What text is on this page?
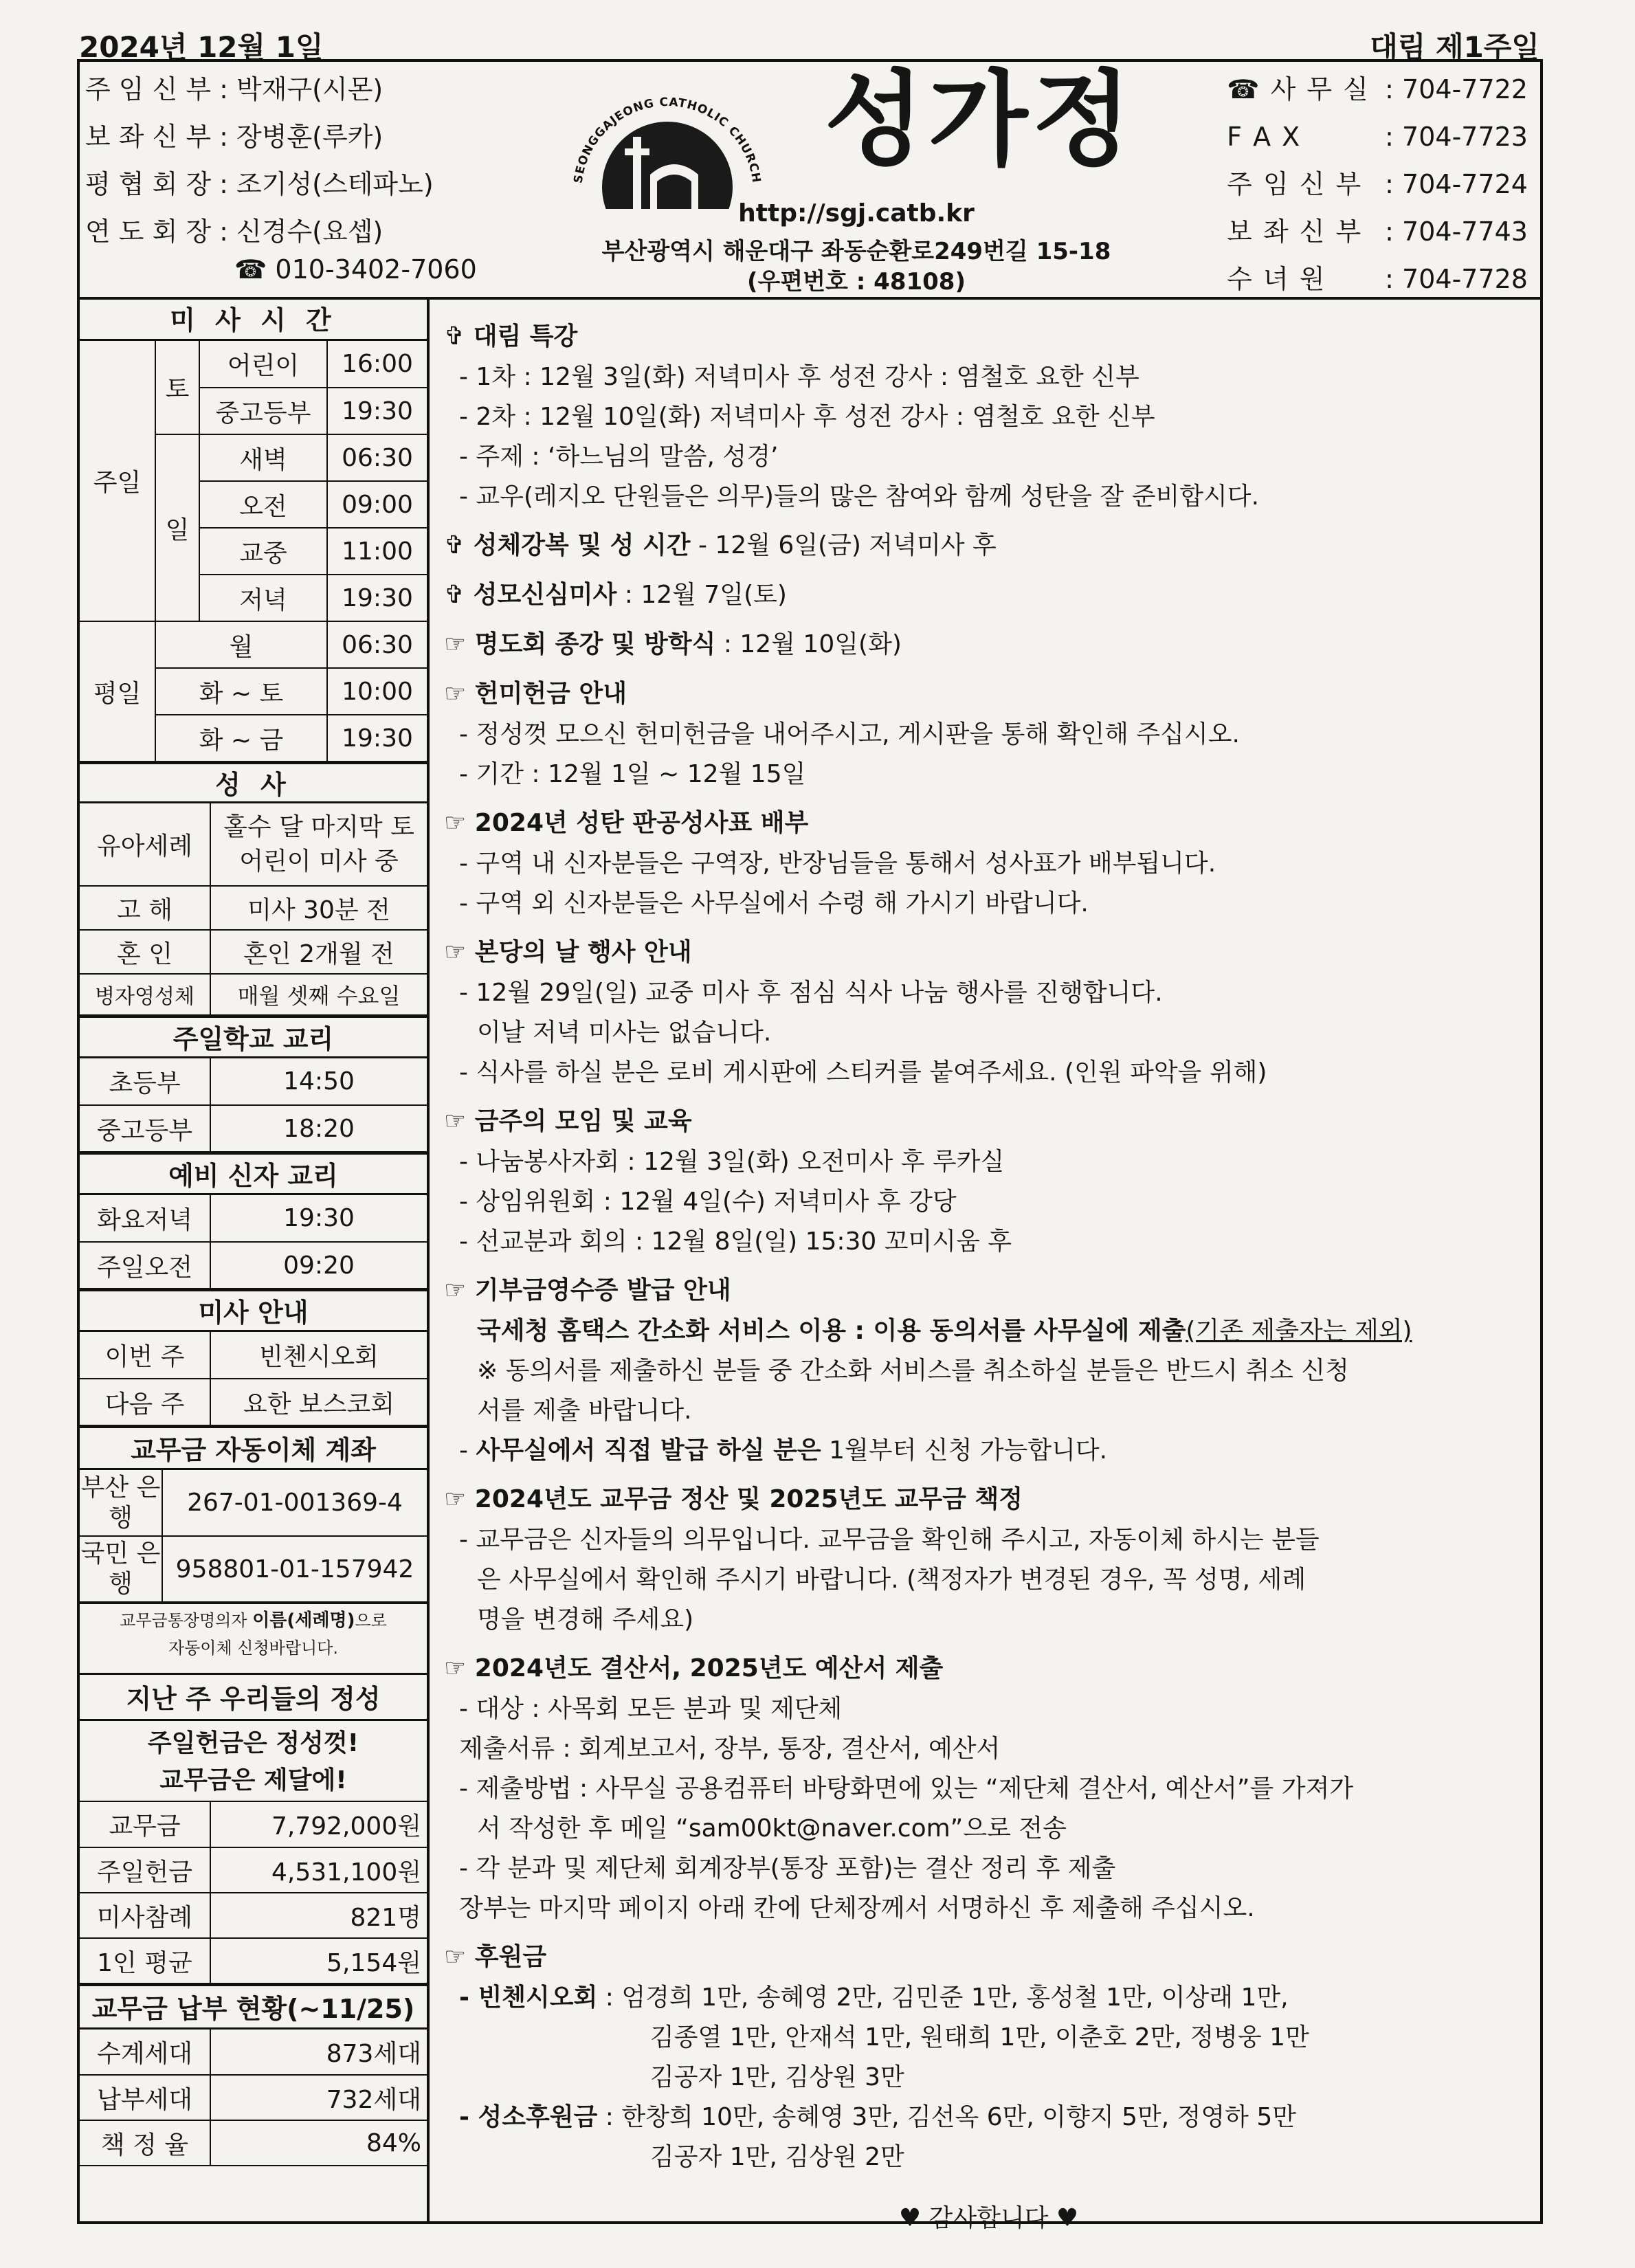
2024년 12월 1일	대림 제1주일
주 임 신 부 : 박재구(시몬)
보 좌 신 부 : 장병훈(루카)
평 협 회 장 : 조기성(스테파노)
연 도 회 장 : 신경수(요셉)
☎ 010-3402-7060
SEONGGAJEONG CATHOLIC CHURCH 성가정
http://sgj.catb.kr
부산광역시 해운대구 좌동순환로249번길 15-18
(우편번호 : 48108)
☎ 사 무 실 : 704-7722
F A X	: 704-7723
주 임 신 부 : 704-7724
보 좌 신 부 : 704-7743
수 녀 원	: 704-7728
미 사 시 간
주일	토	어린이	16:00
		중고등부	19:30
	일	새벽	06:30
		오전	09:00
		교중	11:00
		저녁	19:30
평일	월		06:30
	화 ~ 토		10:00
	화 ~ 금		19:30
성 사
유아세례	홀수 달 마지막 토 어린이 미사 중
고 해	미사 30분 전
혼 인	혼인 2개월 전
병자영성체	매월 셋째 수요일
주일학교 교리
초등부	14:50
중고등부	18:20
예비 신자 교리
화요저녁	19:30
주일오전	09:20
미사 안내
이번 주	빈첸시오회
다음 주	요한 보스코회
교무금 자동이체 계좌
부산 은행	267-01-001369-4
국민 은행	958801-01-157942
교무금통장명의자 이름(세례명)으로
자동이체 신청바랍니다.
지난 주 우리들의 정성
주일헌금은 정성껏!
교무금은 제달에!
교무금	7,792,000원
주일헌금	4,531,100원
미사참례	821명
1인 평균	5,154원
교무금 납부 현황(~11/25)
수계세대	873세대
납부세대	732세대
책 정 율	84%
✞ 대림 특강
- 1차 : 12월 3일(화) 저녁미사 후 성전 강사 : 염철호 요한 신부
- 2차 : 12월 10일(화) 저녁미사 후 성전 강사 : 염철호 요한 신부
- 주제 : ‘하느님의 말씀, 성경’
- 교우(레지오 단원들은 의무)들의 많은 참여와 함께 성탄을 잘 준비합시다.
✞ 성체강복 및 성 시간 - 12월 6일(금) 저녁미사 후
✞ 성모신심미사 : 12월 7일(토)
☞ 명도회 종강 및 방학식 : 12월 10일(화)
☞ 헌미헌금 안내
- 정성껏 모으신 헌미헌금을 내어주시고, 게시판을 통해 확인해 주십시오.
- 기간 : 12월 1일 ~ 12월 15일
☞ 2024년 성탄 판공성사표 배부
- 구역 내 신자분들은 구역장, 반장님들을 통해서 성사표가 배부됩니다.
- 구역 외 신자분들은 사무실에서 수령 해 가시기 바랍니다.
☞ 본당의 날 행사 안내
- 12월 29일(일) 교중 미사 후 점심 식사 나눔 행사를 진행합니다.
이날 저녁 미사는 없습니다.
- 식사를 하실 분은 로비 게시판에 스티커를 붙여주세요. (인원 파악을 위해)
☞ 금주의 모임 및 교육
- 나눔봉사자회 : 12월 3일(화) 오전미사 후 루카실
- 상임위원회 : 12월 4일(수) 저녁미사 후 강당
- 선교분과 회의 : 12월 8일(일) 15:30 꼬미시움 후
☞ 기부금영수증 발급 안내
국세청 홈택스 간소화 서비스 이용 : 이용 동의서를 사무실에 제출(기존 제출자는 제외)
※ 동의서를 제출하신 분들 중 간소화 서비스를 취소하실 분들은 반드시 취소 신청
서를 제출 바랍니다.
- 사무실에서 직접 발급 하실 분은 1월부터 신청 가능합니다.
☞ 2024년도 교무금 정산 및 2025년도 교무금 책정
- 교무금은 신자들의 의무입니다. 교무금을 확인해 주시고, 자동이체 하시는 분들
은 사무실에서 확인해 주시기 바랍니다. (책정자가 변경된 경우, 꼭 성명, 세례
명을 변경해 주세요)
☞ 2024년도 결산서, 2025년도 예산서 제출
- 대상 : 사목회 모든 분과 및 제단체
제출서류 : 회계보고서, 장부, 통장, 결산서, 예산서
- 제출방법 : 사무실 공용컴퓨터 바탕화면에 있는 “제단체 결산서, 예산서”를 가져가
서 작성한 후 메일 “sam00kt@naver.com”으로 전송
- 각 분과 및 제단체 회계장부(통장 포함)는 결산 정리 후 제출
장부는 마지막 페이지 아래 칸에 단체장께서 서명하신 후 제출해 주십시오.
☞ 후원금
- 빈첸시오회 : 엄경희 1만, 송혜영 2만, 김민준 1만, 홍성철 1만, 이상래 1만,
김종열 1만, 안재석 1만, 원태희 1만, 이춘호 2만, 정병웅 1만
김공자 1만, 김상원 3만
- 성소후원금 : 한창희 10만, 송혜영 3만, 김선옥 6만, 이향지 5만, 정영하 5만
김공자 1만, 김상원 2만
♥ 감사합니다 ♥
